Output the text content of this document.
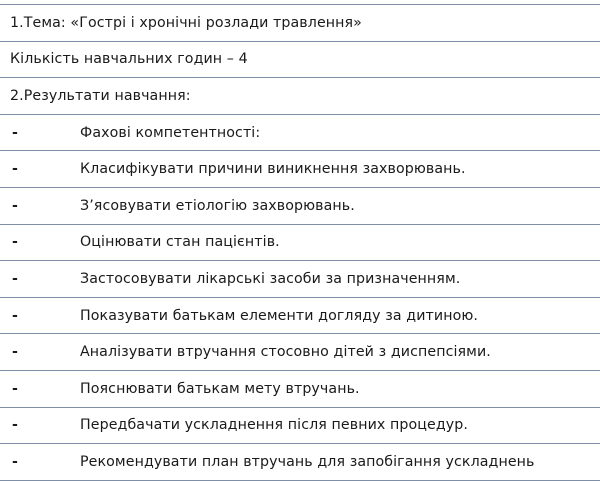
1.Тема: «Гострі і хронічні розлади травлення»
Кількість навчальних годин – 4
2.Результати навчання:
-	Фахові компетентності:
-	Класифікувати причини виникнення захворювань.
-	З’ясовувати етіологію захворювань.
-	Оцінювати стан пацієнтів.
-	Застосовувати лікарські засоби за призначенням.
-	Показувати батькам елементи догляду за дитиною.
-	Аналізувати втручання стосовно дітей з диспепсіями.
-	Пояснювати батькам мету втручань.
-	Передбачати ускладнення після певних процедур.
-	Рекомендувати план втручань для запобігання ускладнень
